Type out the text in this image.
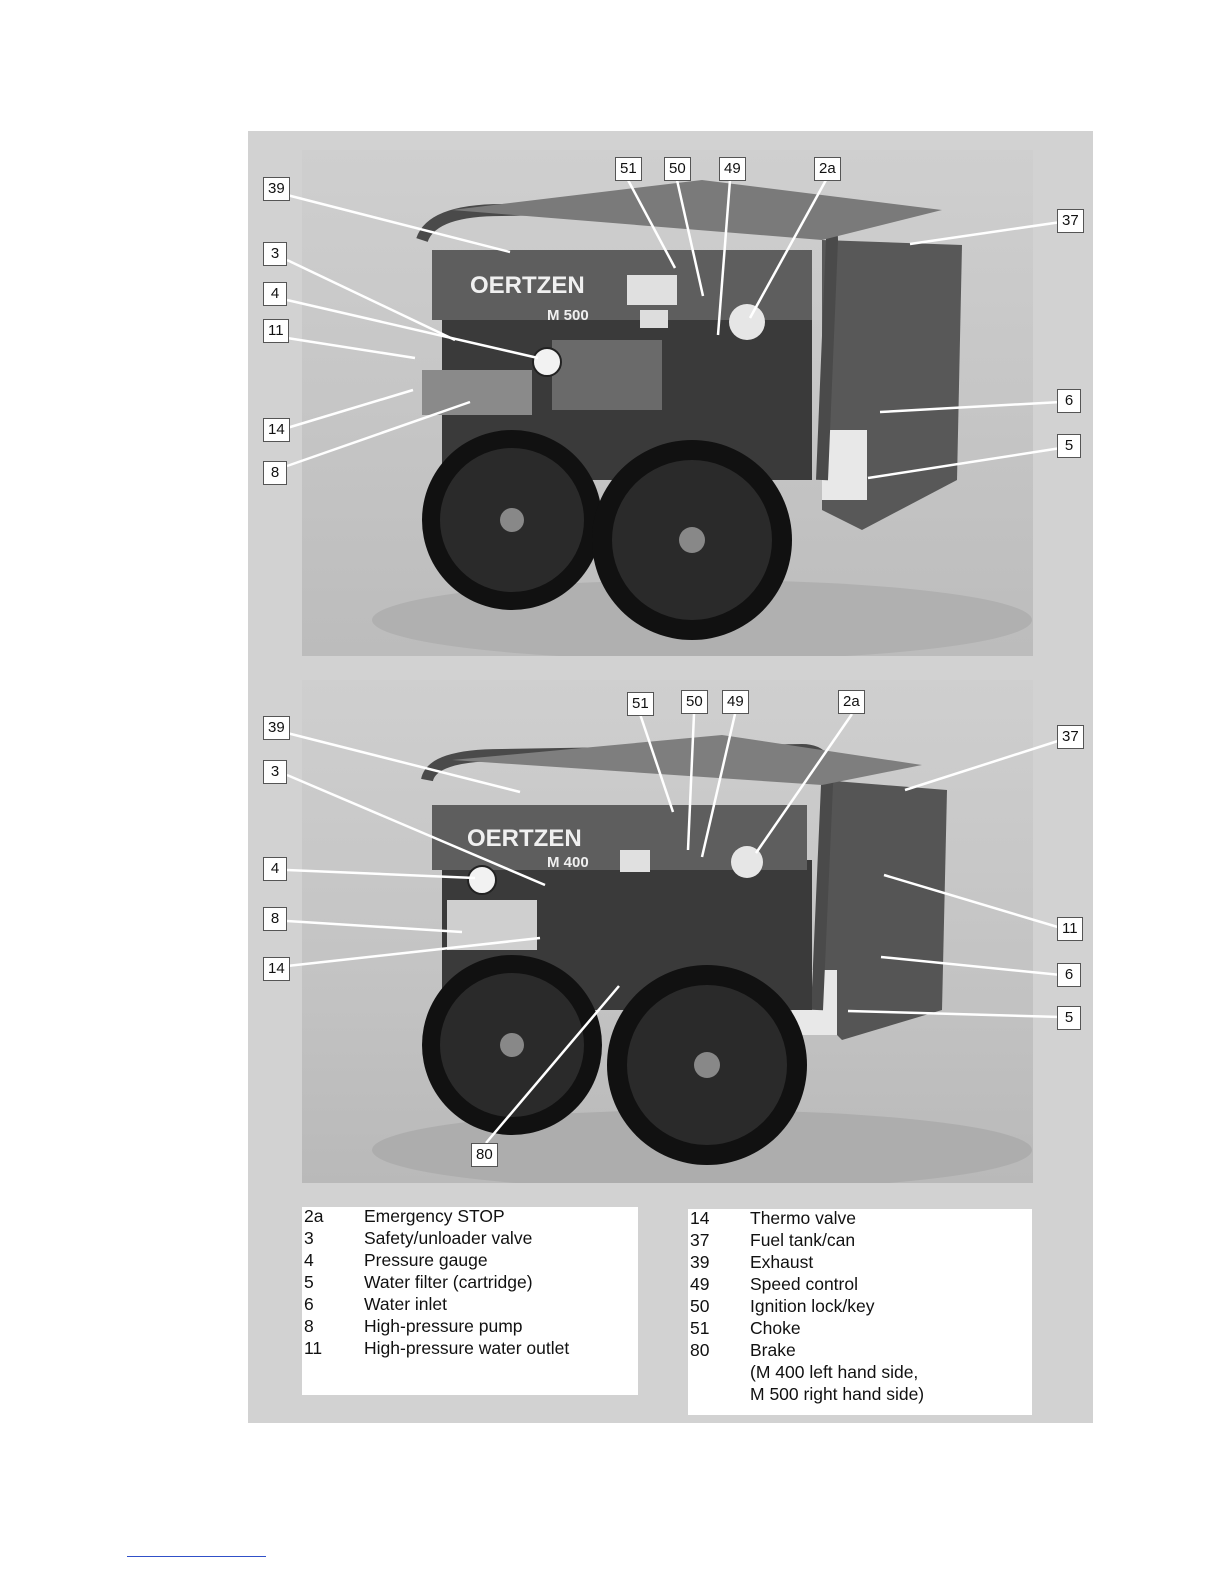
OERTZEN
M 500
OERTZEN
M 400
39
3
4
11
14
8
51	50	49	2a
37
6
5
39
3
4
8
14
51	50	49	2a
37
11
6
5
80
2a Emergency STOP
3	Safety/unloader valve
4	Pressure gauge
5	Water filter (cartridge)
6	Water inlet
8	High-pressure pump
11 High-pressure water outlet
14 Thermo valve
37 Fuel tank/can
39 Exhaust
49 Speed control
50 Ignition lock/key
51 Choke
80 Brake
(M 400 left hand side,
M 500 right hand side)
